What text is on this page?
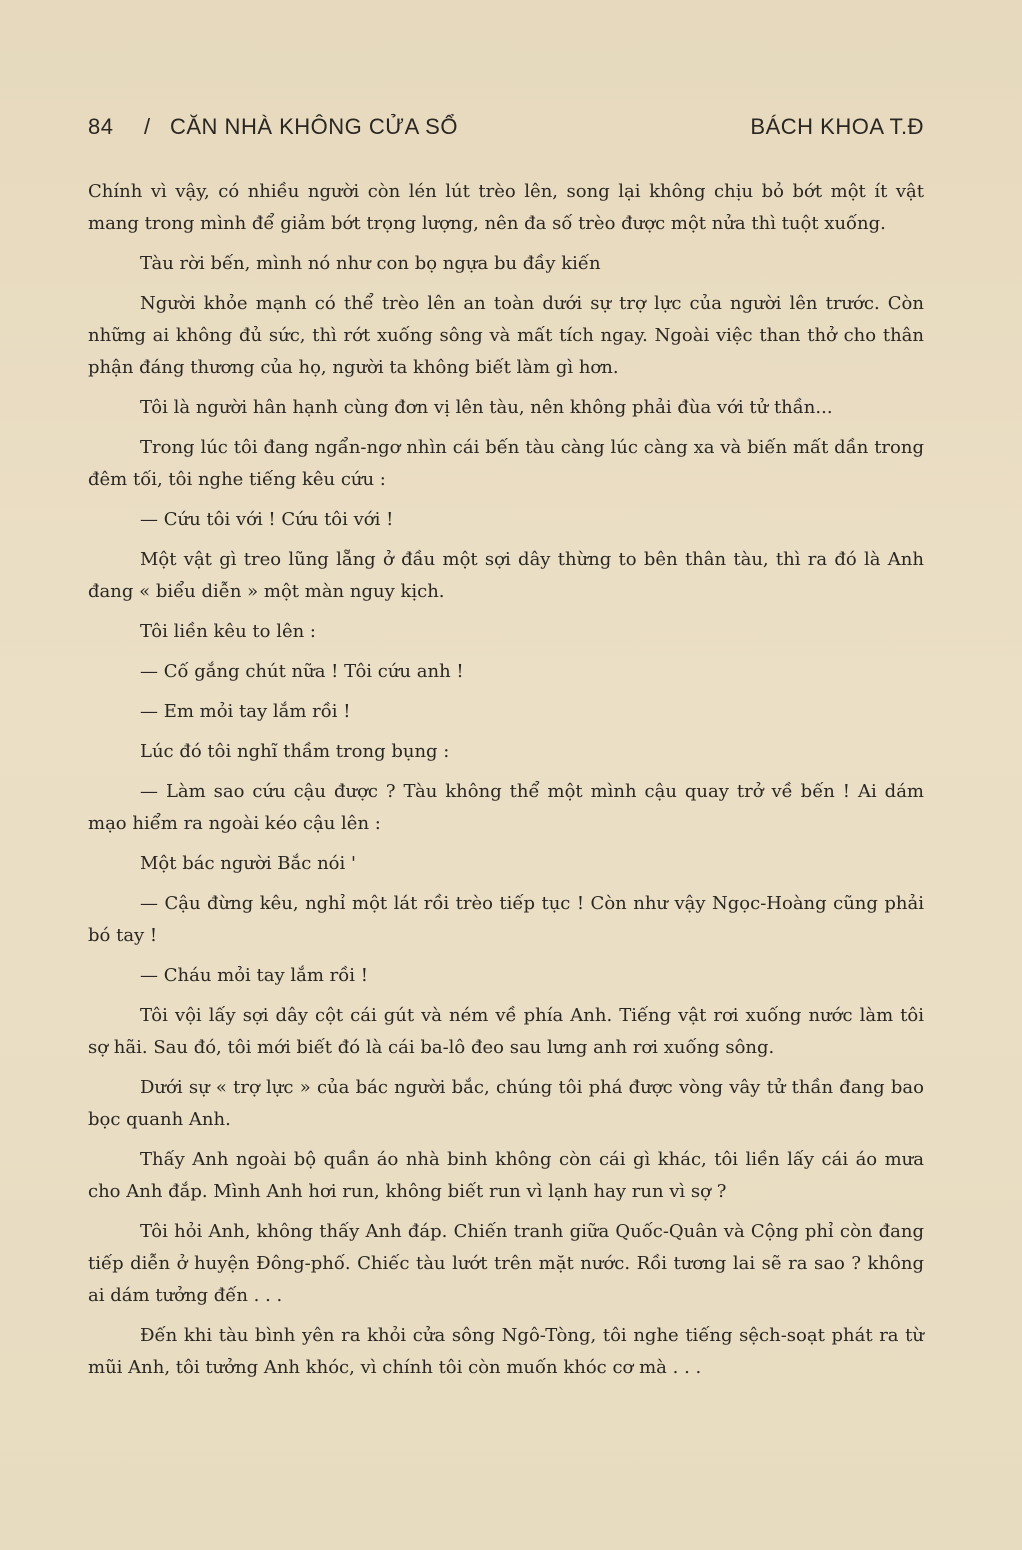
84 / CĂN NHÀ KHÔNG CỬA SỔ	BÁCH KHOA T.Đ

Chính vì vậy, có nhiều người còn lén lút trèo lên, song lại không chịu bỏ bớt một ít vật mang trong mình để giảm bớt trọng lượng, nên đa số trèo được một nửa thì tuột xuống.

Tàu rời bến, mình nó như con bọ ngựa bu đầy kiến

Người khỏe mạnh có thể trèo lên an toàn dưới sự trợ lực của người lên trước. Còn những ai không đủ sức, thì rớt xuống sông và mất tích ngay. Ngoài việc than thở cho thân phận đáng thương của họ, người ta không biết làm gì hơn.

Tôi là người hân hạnh cùng đơn vị lên tàu, nên không phải đùa với tử thần...

Trong lúc tôi đang ngẩn-ngơ nhìn cái bến tàu càng lúc càng xa và biến mất dần trong đêm tối, tôi nghe tiếng kêu cứu :

— Cứu tôi với ! Cứu tôi với !

Một vật gì treo lũng lẵng ở đầu một sợi dây thừng to bên thân tàu, thì ra đó là Anh đang « biểu diễn » một màn nguy kịch.

Tôi liền kêu to lên :

— Cố gắng chút nữa ! Tôi cứu anh !

— Em mỏi tay lắm rồi !

Lúc đó tôi nghĩ thầm trong bụng :

— Làm sao cứu cậu được ? Tàu không thể một mình cậu quay trở về bến ! Ai dám mạo hiểm ra ngoài kéo cậu lên :

Một bác người Bắc nói '

— Cậu đừng kêu, nghỉ một lát rồi trèo tiếp tục ! Còn như vậy Ngọc-Hoàng cũng phải bó tay !

— Cháu mỏi tay lắm rồi !

Tôi vội lấy sợi dây cột cái gút và ném về phía Anh. Tiếng vật rơi xuống nước làm tôi sợ hãi. Sau đó, tôi mới biết đó là cái ba-lô đeo sau lưng anh rơi xuống sông.

Dưới sự « trợ lực » của bác người bắc, chúng tôi phá được vòng vây tử thần đang bao bọc quanh Anh.

Thấy Anh ngoài bộ quần áo nhà binh không còn cái gì khác, tôi liền lấy cái áo mưa cho Anh đắp. Mình Anh hơi run, không biết run vì lạnh hay run vì sợ ?

Tôi hỏi Anh, không thấy Anh đáp. Chiến tranh giữa Quốc-Quân và Cộng phỉ còn đang tiếp diễn ở huyện Đông-phố. Chiếc tàu lướt trên mặt nước. Rồi tương lai sẽ ra sao ? không ai dám tưởng đến . . .

Đến khi tàu bình yên ra khỏi cửa sông Ngô-Tòng, tôi nghe tiếng sệch-soạt phát ra từ mũi Anh, tôi tưởng Anh khóc, vì chính tôi còn muốn khóc cơ mà . . .
